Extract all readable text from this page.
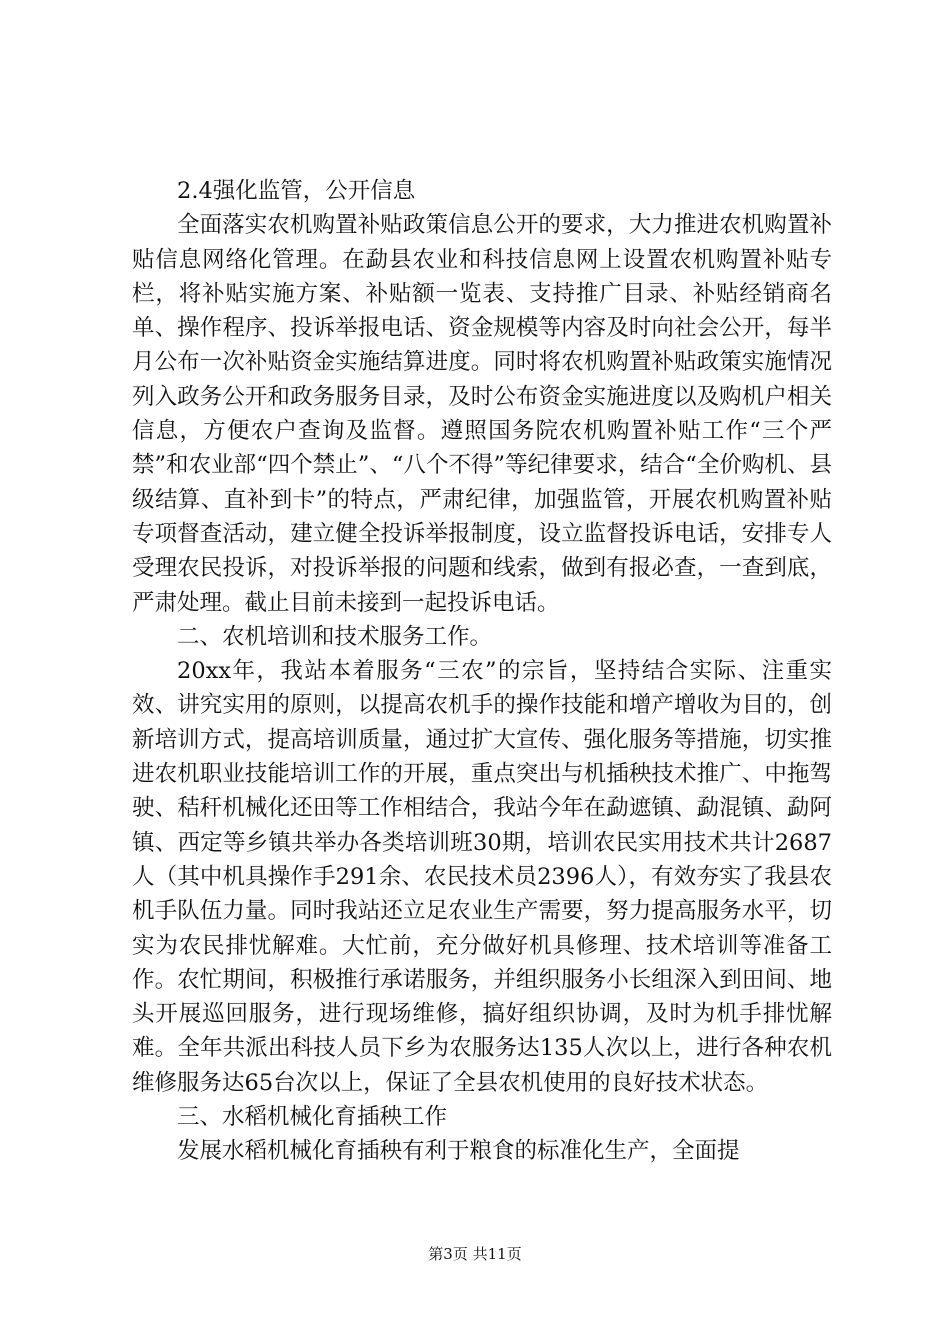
2.4强化监管，公开信息

全面落实农机购置补贴政策信息公开的要求，大力推进农机购置补贴信息网络化管理。在勐县农业和科技信息网上设置农机购置补贴专栏，将补贴实施方案、补贴额一览表、支持推广目录、补贴经销商名单、操作程序、投诉举报电话、资金规模等内容及时向社会公开，每半月公布一次补贴资金实施结算进度。同时将农机购置补贴政策实施情况列入政务公开和政务服务目录，及时公布资金实施进度以及购机户相关信息，方便农户查询及监督。遵照国务院农机购置补贴工作“三个严禁”和农业部“四个禁止”、“八个不得”等纪律要求，结合“全价购机、县级结算、直补到卡”的特点，严肃纪律，加强监管，开展农机购置补贴专项督查活动，建立健全投诉举报制度，设立监督投诉电话，安排专人受理农民投诉，对投诉举报的问题和线索，做到有报必查，一查到底，严肃处理。截止目前未接到一起投诉电话。

二、农机培训和技术服务工作。

20xx年，我站本着服务“三农”的宗旨，坚持结合实际、注重实效、讲究实用的原则，以提高农机手的操作技能和增产增收为目的，创新培训方式，提高培训质量，通过扩大宣传、强化服务等措施，切实推进农机职业技能培训工作的开展，重点突出与机插秧技术推广、中拖驾驶、秸秆机械化还田等工作相结合，我站今年在勐遮镇、勐混镇、勐阿镇、西定等乡镇共举办各类培训班30期，培训农民实用技术共计2687人（其中机具操作手291余、农民技术员2396人），有效夯实了我县农机手队伍力量。同时我站还立足农业生产需要，努力提高服务水平，切实为农民排忧解难。大忙前，充分做好机具修理、技术培训等准备工作。农忙期间，积极推行承诺服务，并组织服务小长组深入到田间、地头开展巡回服务，进行现场维修，搞好组织协调，及时为机手排忧解难。全年共派出科技人员下乡为农服务达135人次以上，进行各种农机维修服务达65台次以上，保证了全县农机使用的良好技术状态。

三、水稻机械化育插秧工作

发展水稻机械化育插秧有利于粮食的标准化生产，全面提

第3页 共11页
